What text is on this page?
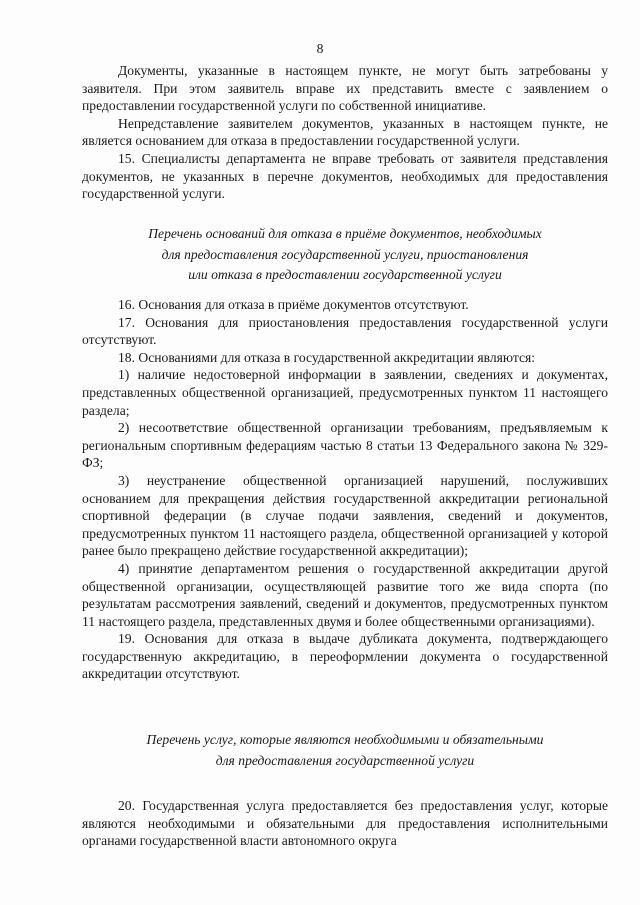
8

Документы, указанные в настоящем пункте, не могут быть затребованы у заявителя. При этом заявитель вправе их представить вместе с заявлением о предоставлении государственной услуги по собственной инициативе.

Непредставление заявителем документов, указанных в настоящем пункте, не является основанием для отказа в предоставлении государственной услуги.

15. Специалисты департамента не вправе требовать от заявителя представления документов, не указанных в перечне документов, необходимых для предоставления государственной услуги.

Перечень оснований для отказа в приёме документов, необходимых
для предоставления государственной услуги, приостановления
или отказа в предоставлении государственной услуги

16. Основания для отказа в приёме документов отсутствуют.

17. Основания для приостановления предоставления государственной услуги отсутствуют.

18. Основаниями для отказа в государственной аккредитации являются:

1) наличие недостоверной информации в заявлении, сведениях и документах, представленных общественной организацией, предусмотренных пунктом 11 настоящего раздела;

2) несоответствие общественной организации требованиям, предъявляемым к региональным спортивным федерациям частью 8 статьи 13 Федерального закона № 329-ФЗ;

3) неустранение общественной организацией нарушений, послуживших основанием для прекращения действия государственной аккредитации региональной спортивной федерации (в случае подачи заявления, сведений и документов, предусмотренных пунктом 11 настоящего раздела, общественной организацией у которой ранее было прекращено действие государственной аккредитации);

4) принятие департаментом решения о государственной аккредитации другой общественной организации, осуществляющей развитие того же вида спорта (по результатам рассмотрения заявлений, сведений и документов, предусмотренных пунктом 11 настоящего раздела, представленных двумя и более общественными организациями).

19. Основания для отказа в выдаче дубликата документа, подтверждающего государственную аккредитацию, в переоформлении документа о государственной аккредитации отсутствуют.

Перечень услуг, которые являются необходимыми и обязательными
для предоставления государственной услуги

20. Государственная услуга предоставляется без предоставления услуг, которые являются необходимыми и обязательными для предоставления исполнительными органами государственной власти автономного округа
